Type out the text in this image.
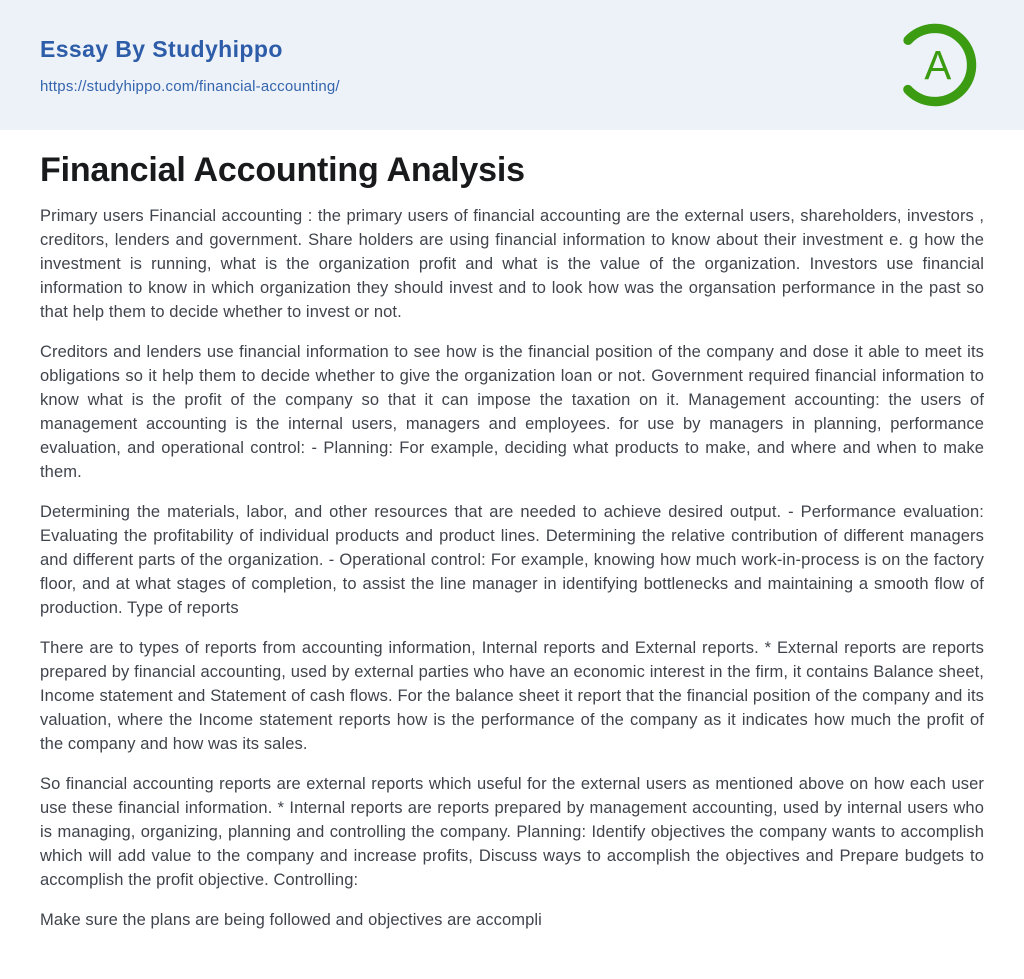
Essay By Studyhippo
https://studyhippo.com/financial-accounting/	A
Financial Accounting Analysis

Primary users Financial accounting : the primary users of financial accounting are the external users, shareholders, investors , creditors, lenders and government. Share holders are using financial information to know about their investment e. g how the investment is running, what is the organization profit and what is the value of the organization. Investors use financial information to know in which organization they should invest and to look how was the organsation performance in the past so that help them to decide whether to invest or not.

Creditors and lenders use financial information to see how is the financial position of the company and dose it able to meet its obligations so it help them to decide whether to give the organization loan or not. Government required financial information to know what is the profit of the company so that it can impose the taxation on it. Management accounting: the users of management accounting is the internal users, managers and employees. for use by managers in planning, performance evaluation, and operational control: - Planning: For example, deciding what products to make, and where and when to make them.

Determining the materials, labor, and other resources that are needed to achieve desired output. - Performance evaluation: Evaluating the profitability of individual products and product lines. Determining the relative contribution of different managers and different parts of the organization. - Operational control: For example, knowing how much work-in-process is on the factory floor, and at what stages of completion, to assist the line manager in identifying bottlenecks and maintaining a smooth flow of production. Type of reports

There are to types of reports from accounting information, Internal reports and External reports. * External reports are reports prepared by financial accounting, used by external parties who have an economic interest in the firm, it contains Balance sheet, Income statement and Statement of cash flows. For the balance sheet it report that the financial position of the company and its valuation, where the Income statement reports how is the performance of the company as it indicates how much the profit of the company and how was its sales.

So financial accounting reports are external reports which useful for the external users as mentioned above on how each user use these financial information. * Internal reports are reports prepared by management accounting, used by internal users who is managing, organizing, planning and controlling the company. Planning: Identify objectives the company wants to accomplish which will add value to the company and increase profits, Discuss ways to accomplish the objectives and Prepare budgets to accomplish the profit objective. Controlling:

Make sure the plans are being followed and objectives are accompli
